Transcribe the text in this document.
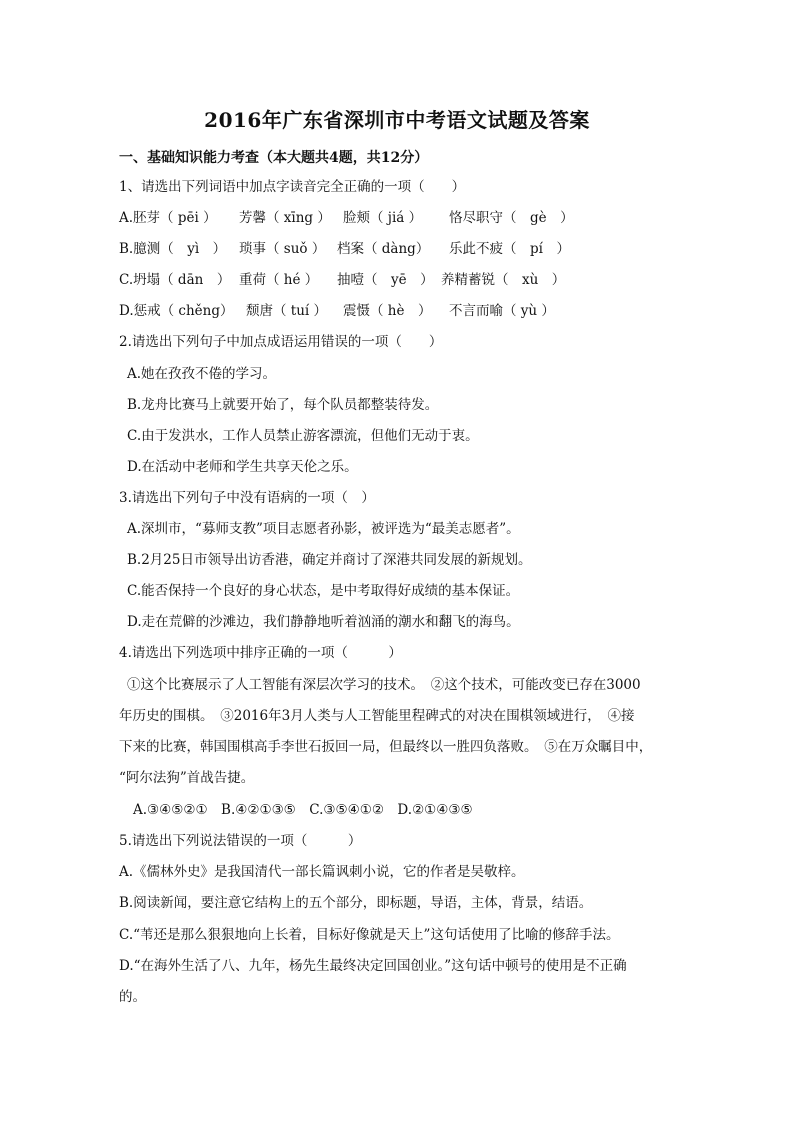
2016年广东省深圳市中考语文试题及答案
一、基础知识能力考查（本大题共4题，共12分）
1、请选出下列词语中加点字读音完全正确的一项（　　）
A.胚芽（ pēi ） 芳馨（ xīng ） 脸颊（ jiá ） 恪尽职守（　gè　）
B.臆测（　yì　） 琐事（ suǒ ） 档案（ dàng） 乐此不疲（　pí　）
C.坍塌（ dān　） 重荷（ hé ） 抽噎（　yē　） 养精蓄锐（　xù　）
D.惩戒（ chěng） 颓唐（ tuí ） 震慑（ hè　） 不言而喻（ yù ）
2.请选出下列句子中加点成语运用错误的一项（　　）
A.她在孜孜不倦的学习。
B.龙舟比赛马上就要开始了，每个队员都整装待发。
C.由于发洪水，工作人员禁止游客漂流，但他们无动于衷。
D.在活动中老师和学生共享天伦之乐。
3.请选出下列句子中没有语病的一项（　）
A.深圳市，“募师支教”项目志愿者孙影，被评选为“最美志愿者”。
B.2月25日市领导出访香港，确定并商讨了深港共同发展的新规划。
C.能否保持一个良好的身心状态，是中考取得好成绩的基本保证。
D.走在荒僻的沙滩边，我们静静地听着汹涌的潮水和翻飞的海鸟。
4.请选出下列选项中排序正确的一项（　　　）
①这个比赛展示了人工智能有深层次学习的技术。　②这个技术，可能改变已存在3000
年历史的围棋。　③2016年3月人类与人工智能里程碑式的对决在围棋领域进行，　④接
下来的比赛，韩国围棋高手李世石扳回一局，但最终以一胜四负落败。　⑤在万众瞩目中，
“阿尔法狗”首战告捷。
A.③④⑤②①　B.④②①③⑤　C.③⑤④①②　D.②①④③⑤
5.请选出下列说法错误的一项（　　　）
A.《儒林外史》是我国清代一部长篇讽刺小说，它的作者是吴敬梓。
B.阅读新闻，要注意它结构上的五个部分，即标题，导语，主体，背景，结语。
C.“苇还是那么狠狠地向上长着，目标好像就是天上”这句话使用了比喻的修辞手法。
D.“在海外生活了八、九年，杨先生最终决定回国创业。”这句话中顿号的使用是不正确
的。
